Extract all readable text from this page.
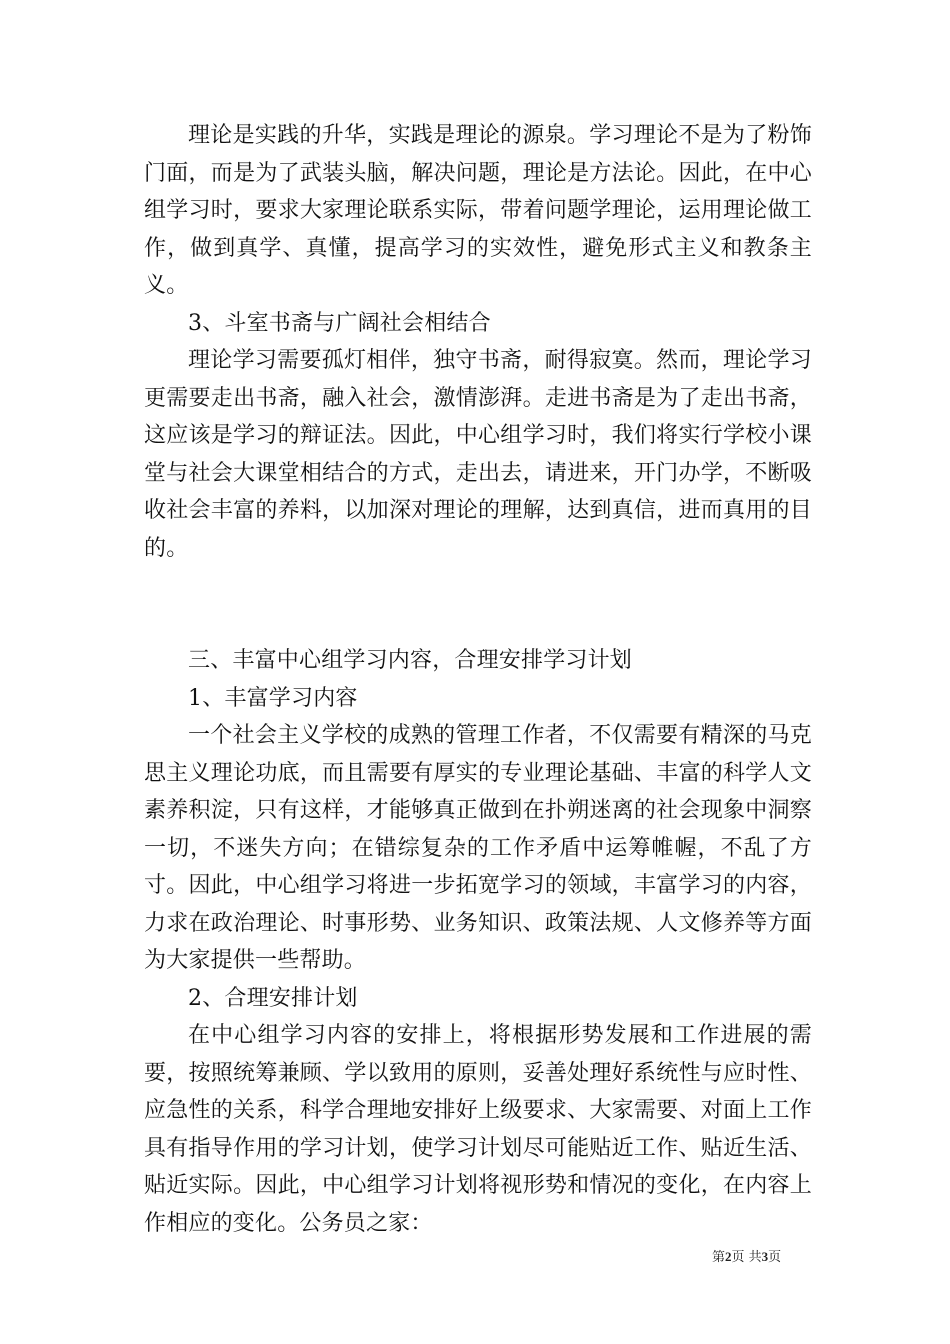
理论是实践的升华，实践是理论的源泉。学习理论不是为了粉饰门面，而是为了武装头脑，解决问题，理论是方法论。因此，在中心组学习时，要求大家理论联系实际，带着问题学理论，运用理论做工作，做到真学、真懂，提高学习的实效性，避免形式主义和教条主义。

3、斗室书斋与广阔社会相结合

理论学习需要孤灯相伴，独守书斋，耐得寂寞。然而，理论学习更需要走出书斋，融入社会，激情澎湃。走进书斋是为了走出书斋，这应该是学习的辩证法。因此，中心组学习时，我们将实行学校小课堂与社会大课堂相结合的方式，走出去，请进来，开门办学，不断吸收社会丰富的养料，以加深对理论的理解，达到真信，进而真用的目的。

三、丰富中心组学习内容，合理安排学习计划

1、丰富学习内容

一个社会主义学校的成熟的管理工作者，不仅需要有精深的马克思主义理论功底，而且需要有厚实的专业理论基础、丰富的科学人文素养积淀，只有这样，才能够真正做到在扑朔迷离的社会现象中洞察一切，不迷失方向；在错综复杂的工作矛盾中运筹帷幄，不乱了方寸。因此，中心组学习将进一步拓宽学习的领域，丰富学习的内容，力求在政治理论、时事形势、业务知识、政策法规、人文修养等方面为大家提供一些帮助。

2、合理安排计划

在中心组学习内容的安排上，将根据形势发展和工作进展的需要，按照统筹兼顾、学以致用的原则，妥善处理好系统性与应时性、应急性的关系，科学合理地安排好上级要求、大家需要、对面上工作具有指导作用的学习计划，使学习计划尽可能贴近工作、贴近生活、贴近实际。因此，中心组学习计划将视形势和情况的变化，在内容上作相应的变化。公务员之家：

第2页 共3页
